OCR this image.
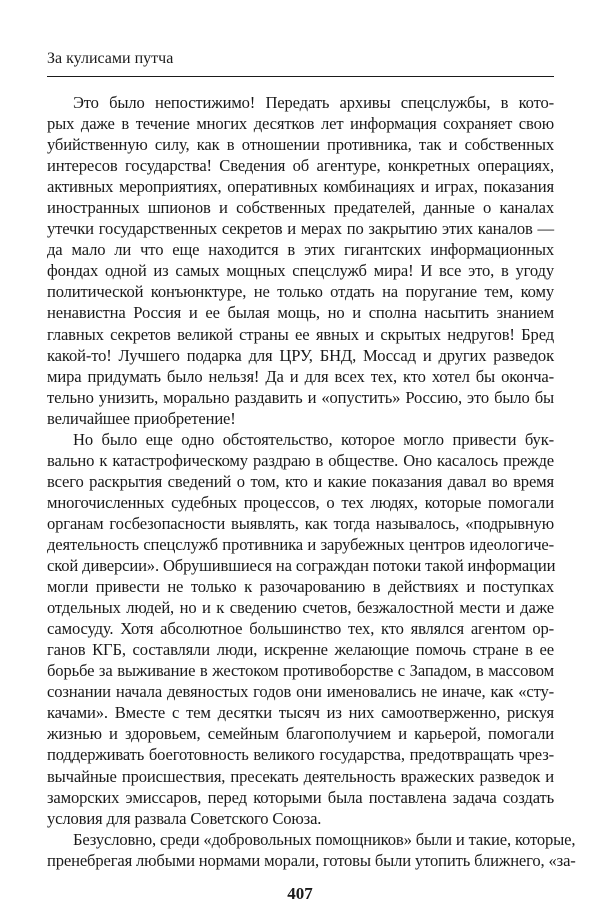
За кулисами путча
Это было непостижимо! Передать архивы спецслужбы, в кото-
рых даже в течение многих десятков лет информация сохраняет свою
убийственную силу, как в отношении противника, так и собственных
интересов государства! Сведения об агентуре, конкретных операциях,
активных мероприятиях, оперативных комбинациях и играх, показания
иностранных шпионов и собственных предателей, данные о каналах
утечки государственных секретов и мерах по закрытию этих каналов —
да мало ли что еще находится в этих гигантских информационных
фондах одной из самых мощных спецслужб мира! И все это, в угоду
политической конъюнктуре, не только отдать на поругание тем, кому
ненавистна Россия и ее былая мощь, но и сполна насытить знанием
главных секретов великой страны ее явных и скрытых недругов! Бред
какой-то! Лучшего подарка для ЦРУ, БНД, Моссад и других разведок
мира придумать было нельзя! Да и для всех тех, кто хотел бы оконча-
тельно унизить, морально раздавить и «опустить» Россию, это было бы
величайшее приобретение!
Но было еще одно обстоятельство, которое могло привести бук-
вально к катастрофическому раздраю в обществе. Оно касалось прежде
всего раскрытия сведений о том, кто и какие показания давал во время
многочисленных судебных процессов, о тех людях, которые помогали
органам госбезопасности выявлять, как тогда называлось, «подрывную
деятельность спецслужб противника и зарубежных центров идеологиче-
ской диверсии». Обрушившиеся на сограждан потоки такой информации
могли привести не только к разочарованию в действиях и поступках
отдельных людей, но и к сведению счетов, безжалостной мести и даже
самосуду. Хотя абсолютное большинство тех, кто являлся агентом ор-
ганов КГБ, составляли люди, искренне желающие помочь стране в ее
борьбе за выживание в жестоком противоборстве с Западом, в массовом
сознании начала девяностых годов они именовались не иначе, как «сту-
качами». Вместе с тем десятки тысяч из них самоотверженно, рискуя
жизнью и здоровьем, семейным благополучием и карьерой, помогали
поддерживать боеготовность великого государства, предотвращать чрез-
вычайные происшествия, пресекать деятельность вражеских разведок и
заморских эмиссаров, перед которыми была поставлена задача создать
условия для развала Советского Союза.
Безусловно, среди «добровольных помощников» были и такие, которые,
пренебрегая любыми нормами морали, готовы были утопить ближнего, «за-
407
